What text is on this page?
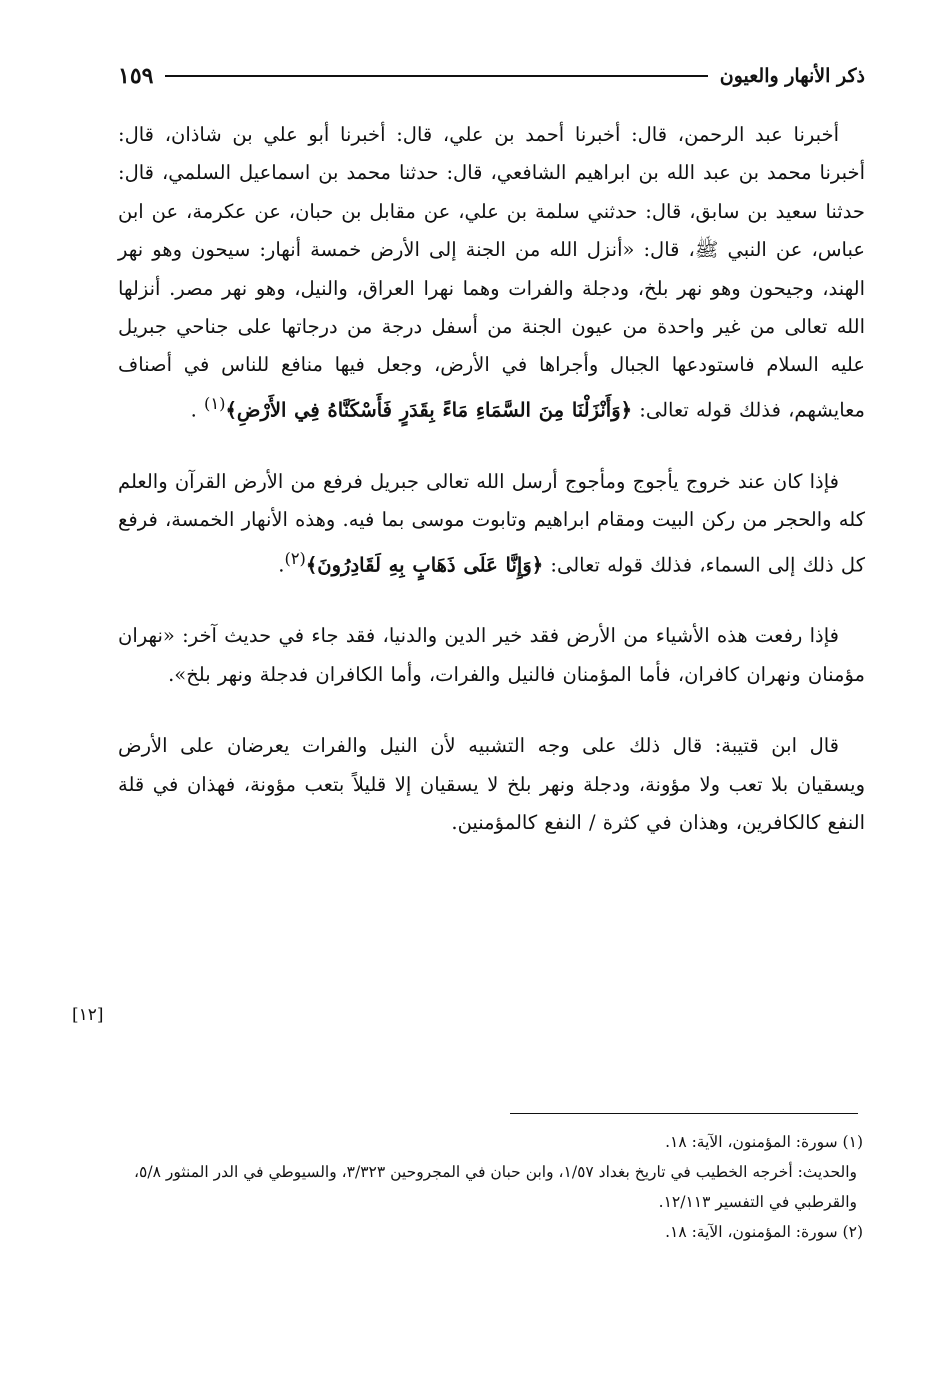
ذكر الأنهار والعيون
١٥٩

أخبرنا عبد الرحمن، قال: أخبرنا أحمد بن علي، قال: أخبرنا أبو علي بن شاذان، قال: أخبرنا محمد بن عبد الله بن ابراهيم الشافعي، قال: حدثنا محمد بن اسماعيل السلمي، قال: حدثنا سعيد بن سابق، قال: حدثني سلمة بن علي، عن مقابل بن حبان، عن عكرمة، عن ابن عباس، عن النبي ﷺ، قال: «أنزل الله من الجنة إلى الأرض خمسة أنهار: سيحون وهو نهر الهند، وجيحون وهو نهر بلخ، ودجلة والفرات وهما نهرا العراق، والنيل، وهو نهر مصر. أنزلها الله تعالى من غير واحدة من عيون الجنة من أسفل درجة من درجاتها على جناحي جبريل عليه السلام فاستودعها الجبال وأجراها في الأرض، وجعل فيها منافع للناس في أصناف معايشهم، فذلك قوله تعالى: ﴿وَأَنْزَلْنَا مِنَ السَّمَاءِ مَاءً بِقَدَرٍ فَأَسْكَنَّاهُ فِي الأَرْضِ﴾$^{(١)}$ .

فإذا كان عند خروج يأجوج ومأجوج أرسل الله تعالى جبريل فرفع من الأرض القرآن والعلم كله والحجر من ركن البيت ومقام ابراهيم وتابوت موسى بما فيه. وهذه الأنهار الخمسة، فرفع كل ذلك إلى السماء، فذلك قوله تعالى: ﴿وَإِنَّا عَلَى ذَهَابٍ بِهِ لَقَادِرُونَ﴾$^{(٢)}$.

فإذا رفعت هذه الأشياء من الأرض فقد خير الدين والدنيا، فقد جاء في حديث آخر: «نهران مؤمنان ونهران كافران، فأما المؤمنان فالنيل والفرات، وأما الكافران فدجلة ونهر بلخ».

قال ابن قتيبة: قال ذلك على وجه التشبيه لأن النيل والفرات يعرضان على الأرض ويسقيان بلا تعب ولا مؤونة، ودجلة ونهر بلخ لا يسقيان إلا قليلاً بتعب مؤونة، فهذان في قلة النفع كالكافرين، وهذان في كثرة / النفع كالمؤمنين.

[١٢]

(١) سورة: المؤمنون، الآية: ١٨.

والحديث: أخرجه الخطيب في تاريخ بغداد ١/٥٧، وابن حبان في المجروحين ٣/٣٢٣، والسيوطي في الدر المنثور ٥/٨، والقرطبي في التفسير ١٢/١١٣.

(٢) سورة: المؤمنون، الآية: ١٨.
